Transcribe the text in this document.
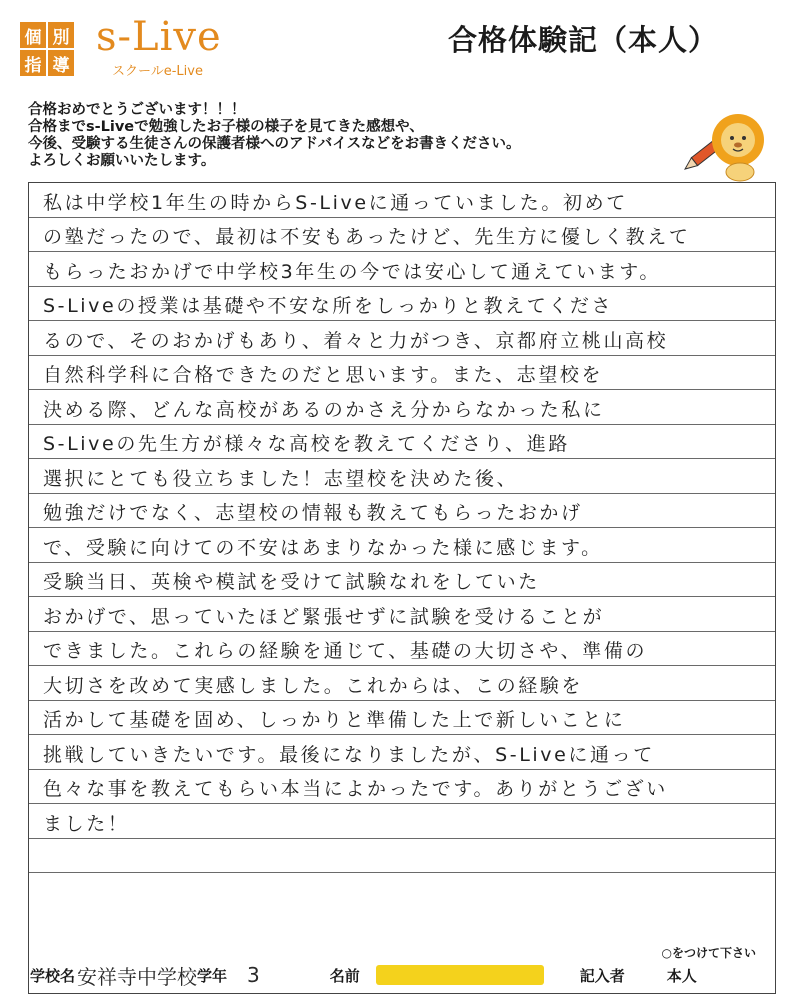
個 別
指 導
s-Live
スクールe-Live
合格体験記（本人）
合格おめでとうございます！！！
合格までs-Liveで勉強したお子様の様子を見てきた感想や、
今後、受験する生徒さんの保護者様へのアドバイスなどをお書きください。
よろしくお願いいたします。
私は中学校1年生の時からS-Liveに通っていました。初めて
の塾だったので、最初は不安もあったけど、先生方に優しく教えて
もらったおかげで中学校3年生の今では安心して通えています。
S-Liveの授業は基礎や不安な所をしっかりと教えてくださ
るので、そのおかげもあり、着々と力がつき、京都府立桃山高校
自然科学科に合格できたのだと思います。また、志望校を
決める際、どんな高校があるのかさえ分からなかった私に
S-Liveの先生方が様々な高校を教えてくださり、進路
選択にとても役立ちました！志望校を決めた後、
勉強だけでなく、志望校の情報も教えてもらったおかげ
で、受験に向けての不安はあまりなかった様に感じます。
受験当日、英検や模試を受けて試験なれをしていた
おかげで、思っていたほど緊張せずに試験を受けることが
できました。これらの経験を通じて、基礎の大切さや、準備の
大切さを改めて実感しました。これからは、この経験を
活かして基礎を固め、しっかりと準備した上で新しいことに
挑戦していきたいです。最後になりましたが、S-Liveに通って
色々な事を教えてもらい本当によかったです。ありがとうござい
ました！
○をつけて下さい
学校名 安祥寺中学校 学年 3	名前	記入者	本人
